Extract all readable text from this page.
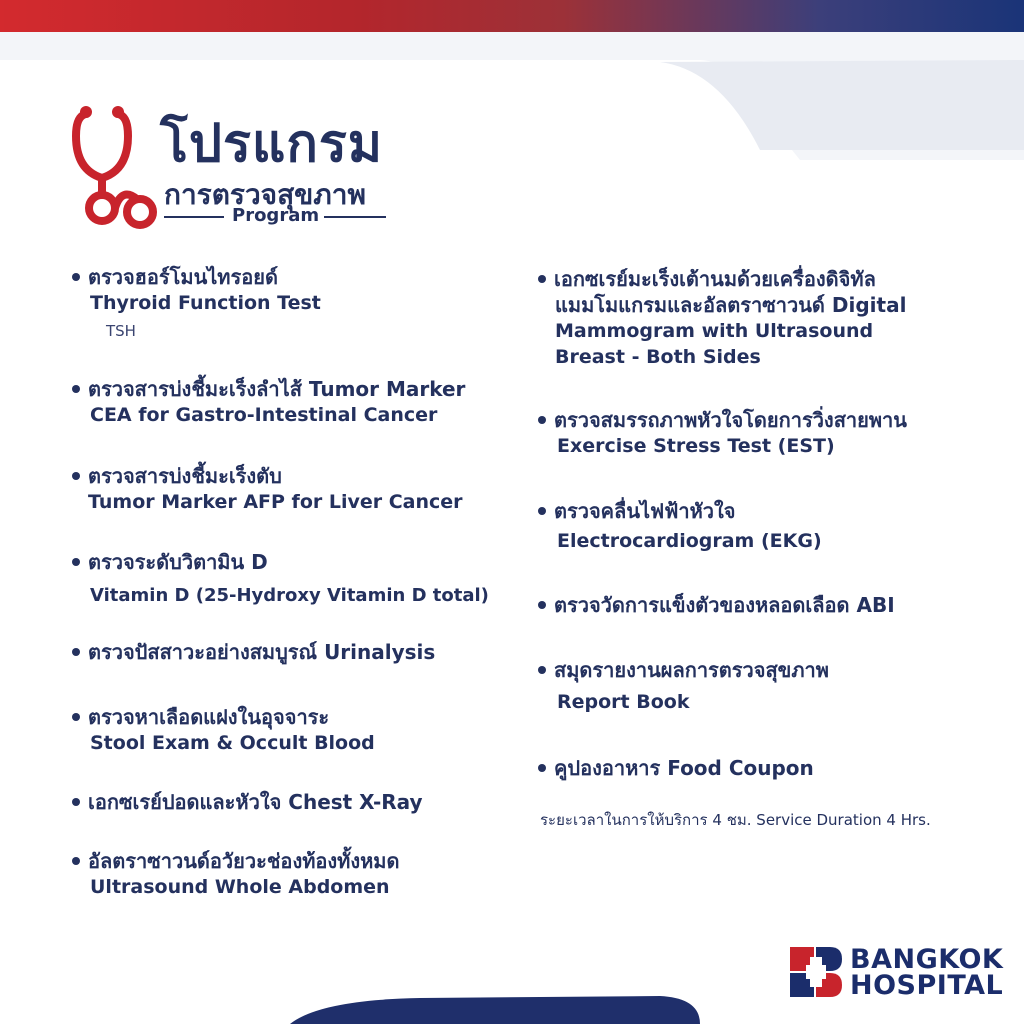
โปรแกรม
การตรวจสุขภาพ
Program
ตรวจฮอร์โมนไทรอยด์
Thyroid Function Test
TSH
ตรวจสารบ่งชี้มะเร็งลำไส้ Tumor Marker
CEA for Gastro-Intestinal Cancer
ตรวจสารบ่งชี้มะเร็งตับ
Tumor Marker AFP for Liver Cancer
ตรวจระดับวิตามิน D
Vitamin D (25-Hydroxy Vitamin D total)
ตรวจปัสสาวะอย่างสมบูรณ์ Urinalysis
ตรวจหาเลือดแฝงในอุจจาระ
Stool Exam & Occult Blood
เอกซเรย์ปอดและหัวใจ Chest X-Ray
อัลตราซาวนด์อวัยวะช่องท้องทั้งหมด
Ultrasound Whole Abdomen
เอกซเรย์มะเร็งเต้านมด้วยเครื่องดิจิทัล
แมมโมแกรมและอัลตราซาวนด์ Digital
Mammogram with Ultrasound
Breast - Both Sides
ตรวจสมรรถภาพหัวใจโดยการวิ่งสายพาน
Exercise Stress Test (EST)
ตรวจคลื่นไฟฟ้าหัวใจ
Electrocardiogram (EKG)
ตรวจวัดการแข็งตัวของหลอดเลือด ABI
สมุดรายงานผลการตรวจสุขภาพ
Report Book
คูปองอาหาร Food Coupon
ระยะเวลาในการให้บริการ 4 ชม. Service Duration 4 Hrs.
BANGKOK
HOSPITAL
